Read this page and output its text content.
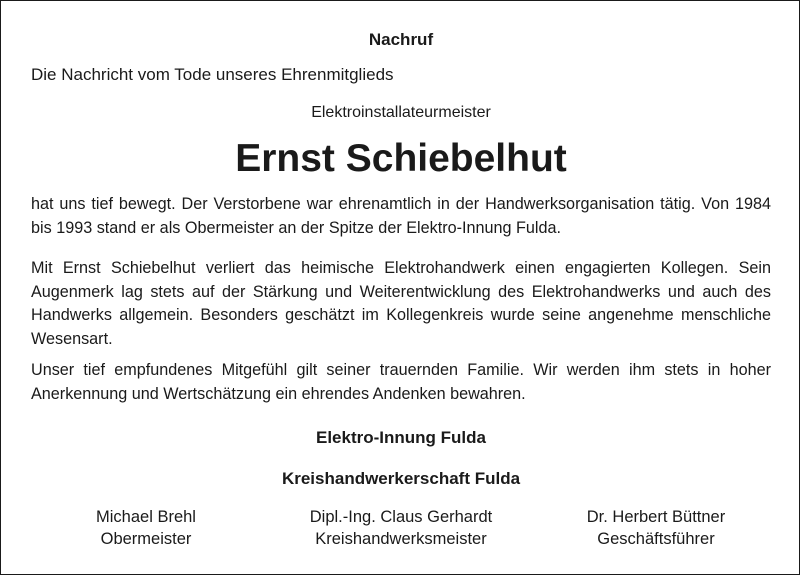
Nachruf
Die Nachricht vom Tode unseres Ehrenmitglieds
Elektroinstallateurmeister
Ernst Schiebelhut

hat uns tief bewegt. Der Verstorbene war ehrenamtlich in der Handwerksorganisation tätig. Von 1984 bis 1993 stand er als Obermeister an der Spitze der Elektro-Innung Fulda.

Mit Ernst Schiebelhut verliert das heimische Elektrohandwerk einen engagierten Kollegen. Sein Augenmerk lag stets auf der Stärkung und Weiterentwicklung des Elektrohandwerks und auch des Handwerks allgemein. Besonders geschätzt im Kollegenkreis wurde seine angenehme menschliche Wesensart.

Unser tief empfundenes Mitgefühl gilt seiner trauernden Familie. Wir werden ihm stets in hoher Anerkennung und Wertschätzung ein ehrendes Andenken bewahren.

Elektro-Innung Fulda
Kreishandwerkerschaft Fulda
Michael Brehl
Obermeister
Dipl.-Ing. Claus Gerhardt
Kreishandwerksmeister
Dr. Herbert Büttner
Geschäftsführer
